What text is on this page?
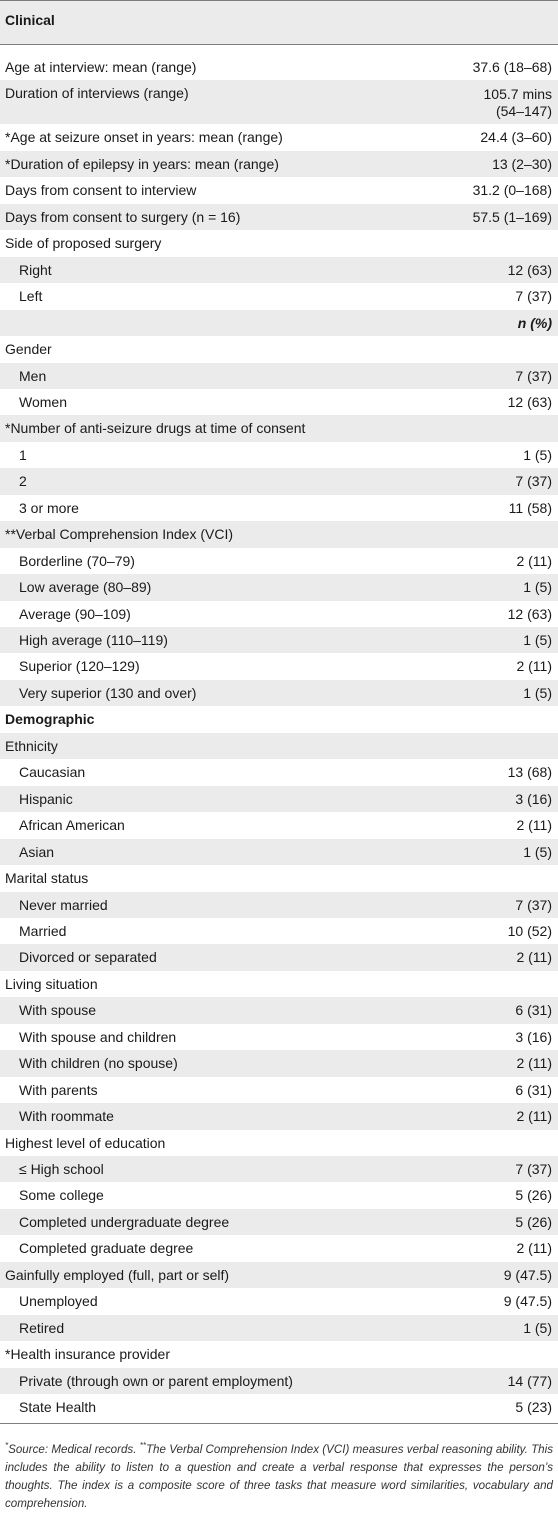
Clinical
Age at interview: mean (range)	37.6 (18–68)
Duration of interviews (range)	105.7 mins (54–147)
*Age at seizure onset in years: mean (range)	24.4 (3–60)
*Duration of epilepsy in years: mean (range)	13 (2–30)
Days from consent to interview	31.2 (0–168)
Days from consent to surgery (n = 16)	57.5 (1–169)
Side of proposed surgery
Right	12 (63)
Left	7 (37)
n (%)
Gender
Men	7 (37)
Women	12 (63)
*Number of anti-seizure drugs at time of consent
1	1 (5)
2	7 (37)
3 or more	11 (58)
**Verbal Comprehension Index (VCI)
Borderline (70–79)	2 (11)
Low average (80–89)	1 (5)
Average (90–109)	12 (63)
High average (110–119)	1 (5)
Superior (120–129)	2 (11)
Very superior (130 and over)	1 (5)
Demographic
Ethnicity
Caucasian	13 (68)
Hispanic	3 (16)
African American	2 (11)
Asian	1 (5)
Marital status
Never married	7 (37)
Married	10 (52)
Divorced or separated	2 (11)
Living situation
With spouse	6 (31)
With spouse and children	3 (16)
With children (no spouse)	2 (11)
With parents	6 (31)
With roommate	2 (11)
Highest level of education
≤ High school	7 (37)
Some college	5 (26)
Completed undergraduate degree	5 (26)
Completed graduate degree	2 (11)
Gainfully employed (full, part or self)	9 (47.5)
Unemployed	9 (47.5)
Retired	1 (5)
*Health insurance provider
Private (through own or parent employment)	14 (77)
State Health	5 (23)
*Source: Medical records. **The Verbal Comprehension Index (VCI) measures verbal reasoning ability. This includes the ability to listen to a question and create a verbal response that expresses the person’s thoughts. The index is a composite score of three tasks that measure word similarities, vocabulary and comprehension.
